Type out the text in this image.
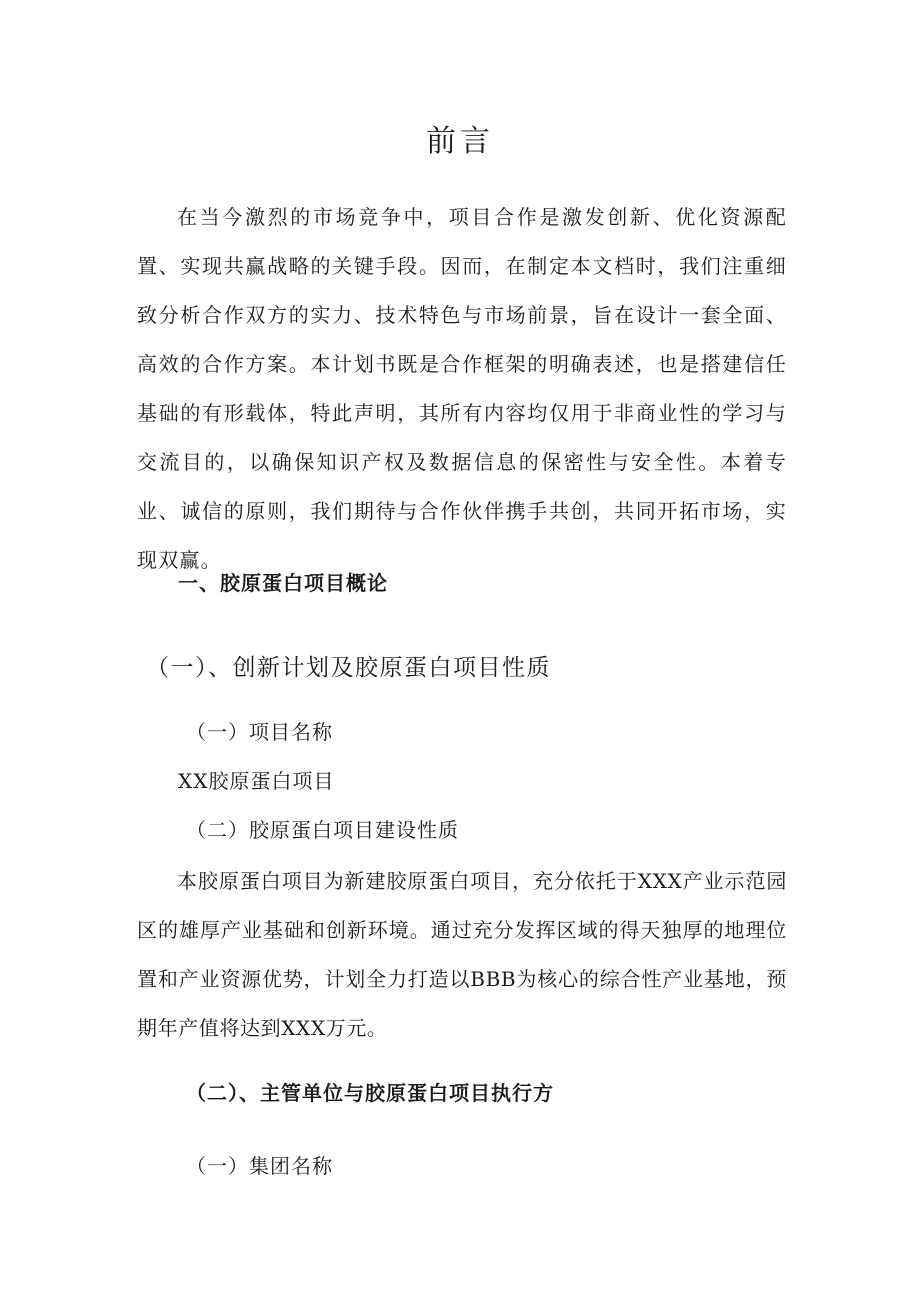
前言
在当今激烈的市场竞争中，项目合作是激发创新、优化资源配置、实现共赢战略的关键手段。因而，在制定本文档时，我们注重细致分析合作双方的实力、技术特色与市场前景，旨在设计一套全面、高效的合作方案。本计划书既是合作框架的明确表述，也是搭建信任基础的有形载体，特此声明，其所有内容均仅用于非商业性的学习与交流目的，以确保知识产权及数据信息的保密性与安全性。本着专业、诚信的原则，我们期待与合作伙伴携手共创，共同开拓市场，实现双赢。
一、胶原蛋白项目概论
（一）、创新计划及胶原蛋白项目性质
（一）项目名称
XX胶原蛋白项目
（二）胶原蛋白项目建设性质
本胶原蛋白项目为新建胶原蛋白项目，充分依托于XXX产业示范园区的雄厚产业基础和创新环境。通过充分发挥区域的得天独厚的地理位置和产业资源优势，计划全力打造以BBB为核心的综合性产业基地，预期年产值将达到XXX万元。
（二）、主管单位与胶原蛋白项目执行方
（一）集团名称
